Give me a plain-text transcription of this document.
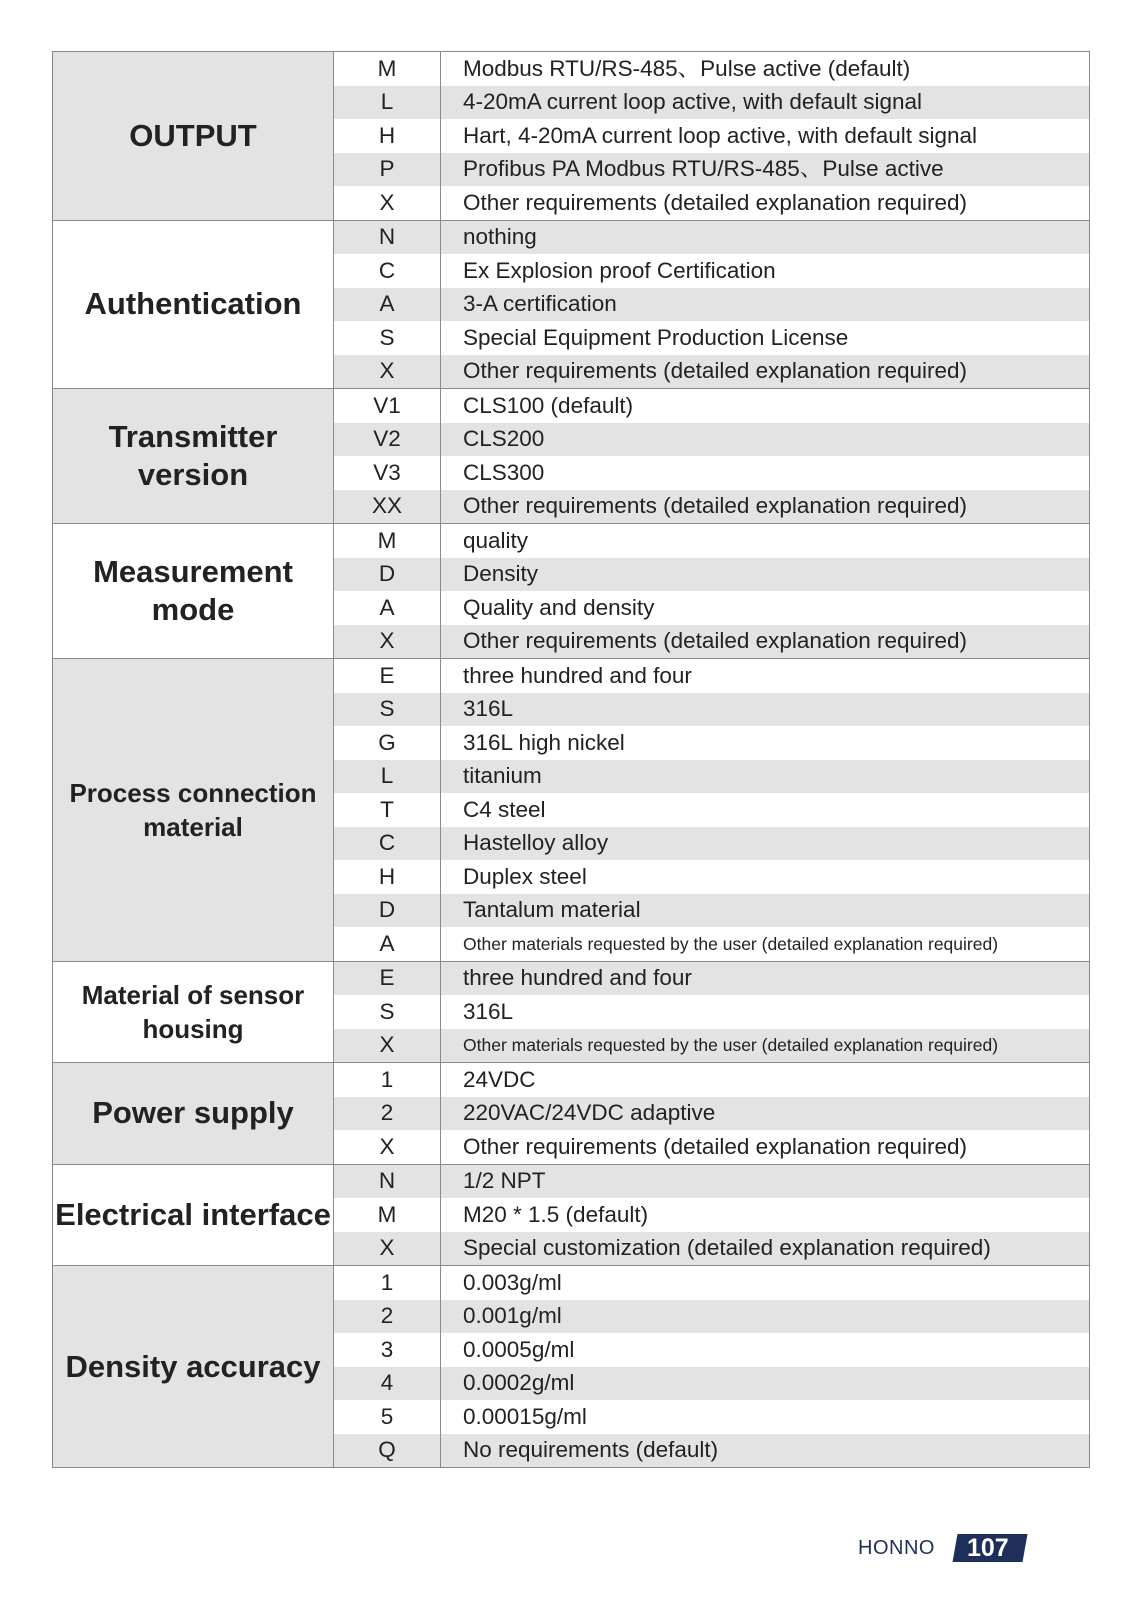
OUTPUT	M	Modbus RTU/RS-485、Pulse active (default)
	L	4-20mA current loop active, with default signal
	H	Hart, 4-20mA current loop active, with default signal
	P	Profibus PA Modbus RTU/RS-485、Pulse active
	X	Other requirements (detailed explanation required)
Authentication	N	nothing
	C	Ex Explosion proof Certification
	A	3-A certification
	S	Special Equipment Production License
	X	Other requirements (detailed explanation required)
Transmitter version	V1	CLS100 (default)
	V2	CLS200
	V3	CLS300
	XX	Other requirements (detailed explanation required)
Measurement mode	M	quality
	D	Density
	A	Quality and density
	X	Other requirements (detailed explanation required)
Process connection material	E	three hundred and four
	S	316L
	G	316L high nickel
	L	titanium
	T	C4 steel
	C	Hastelloy alloy
	H	Duplex steel
	D	Tantalum material
	A	Other materials requested by the user (detailed explanation required)
Material of sensor housing	E	three hundred and four
	S	316L
	X	Other materials requested by the user (detailed explanation required)
Power supply	1	24VDC
	2	220VAC/24VDC adaptive
	X	Other requirements (detailed explanation required)
Electrical interface	N	1/2 NPT
	M	M20 * 1.5 (default)
	X	Special customization (detailed explanation required)
Density accuracy	1	0.003g/ml
	2	0.001g/ml
	3	0.0005g/ml
	4	0.0002g/ml
	5	0.00015g/ml
	Q	No requirements (default)
HONNO	107
